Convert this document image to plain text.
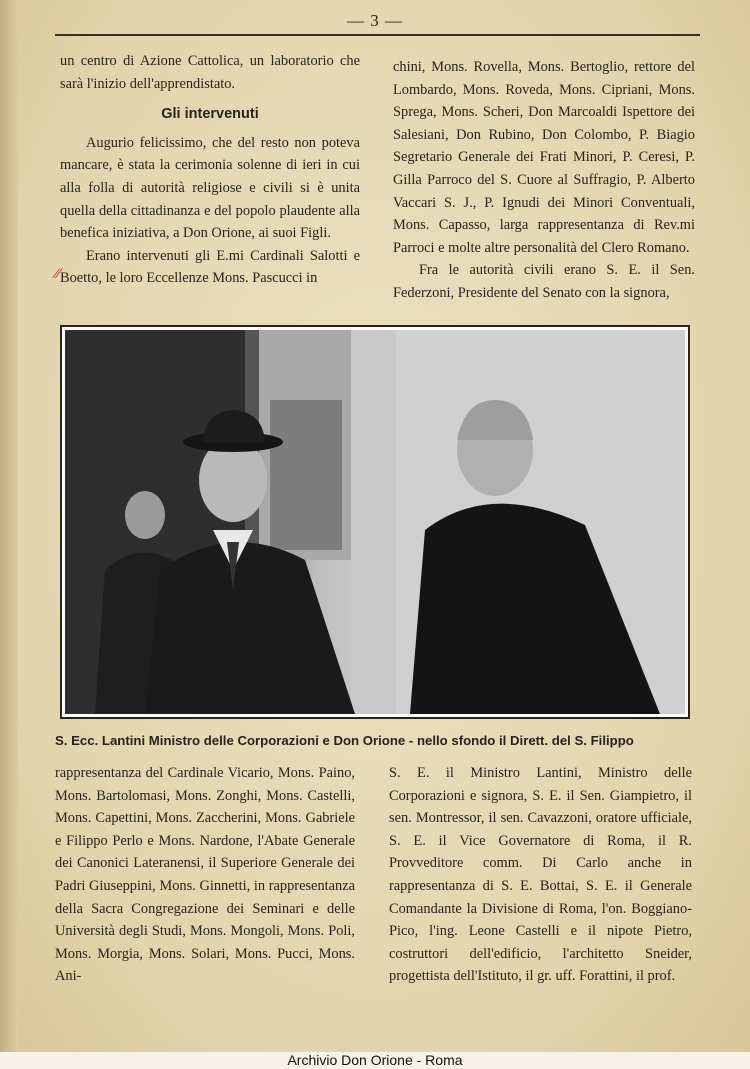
— 3 —

un centro di Azione Cattolica, un laboratorio che sarà l'inizio dell'apprendistato.

Gli intervenuti

Augurio felicissimo, che del resto non poteva mancare, è stata la cerimonia solenne di ieri in cui alla folla di autorità religiose e civili si è unita quella della cittadinanza e del popolo plaudente alla benefica iniziativa, a Don Orione, ai suoi Figli.

Erano intervenuti gli E.mi Cardinali Salotti e Boetto, le loro Eccellenze Mons. Pascucci in

⁄⁄

chini, Mons. Rovella, Mons. Bertoglio, rettore del Lombardo, Mons. Roveda, Mons. Cipriani, Mons. Sprega, Mons. Scheri, Don Marcoaldi Ispettore dei Salesiani, Don Rubino, Don Colombo, P. Biagio Segretario Generale dei Frati Minori, P. Ceresi, P. Gilla Parroco del S. Cuore al Suffragio, P. Alberto Vaccari S. J., P. Ignudi dei Minori Conventuali, Mons. Capasso, larga rappresentanza di Rev.mi Parroci e molte altre personalità del Clero Romano.

Fra le autorità civili erano S. E. il Sen. Federzoni, Presidente del Senato con la signora,

S. Ecc. Lantini Ministro delle Corporazioni e Don Orione - nello sfondo il Dirett. del S. Filippo

rappresentanza del Cardinale Vicario, Mons. Paino, Mons. Bartolomasi, Mons. Zonghi, Mons. Castelli, Mons. Capettini, Mons. Zaccherini, Mons. Gabriele e Filippo Perlo e Mons. Nardone, l'Abate Generale dei Canonici Lateranensi, il Superiore Generale dei Padri Giuseppini, Mons. Ginnetti, in rappresentanza della Sacra Congregazione dei Seminari e delle Università degli Studi, Mons. Mongoli, Mons. Poli, Mons. Morgia, Mons. Solari, Mons. Pucci, Mons. Ani-

S. E. il Ministro Lantini, Ministro delle Corporazioni e signora, S. E. il Sen. Giampietro, il sen. Montressor, il sen. Cavazzoni, oratore ufficiale, S. E. il Vice Governatore di Roma, il R. Provveditore comm. Di Carlo anche in rappresentanza di S. E. Bottai, S. E. il Generale Comandante la Divisione di Roma, l'on. Boggiano-Pico, l'ing. Leone Castelli e il nipote Pietro, costruttori dell'edificio, l'architetto Sneider, progettista dell'Istituto, il gr. uff. Forattini, il prof.

Archivio Don Orione - Roma
